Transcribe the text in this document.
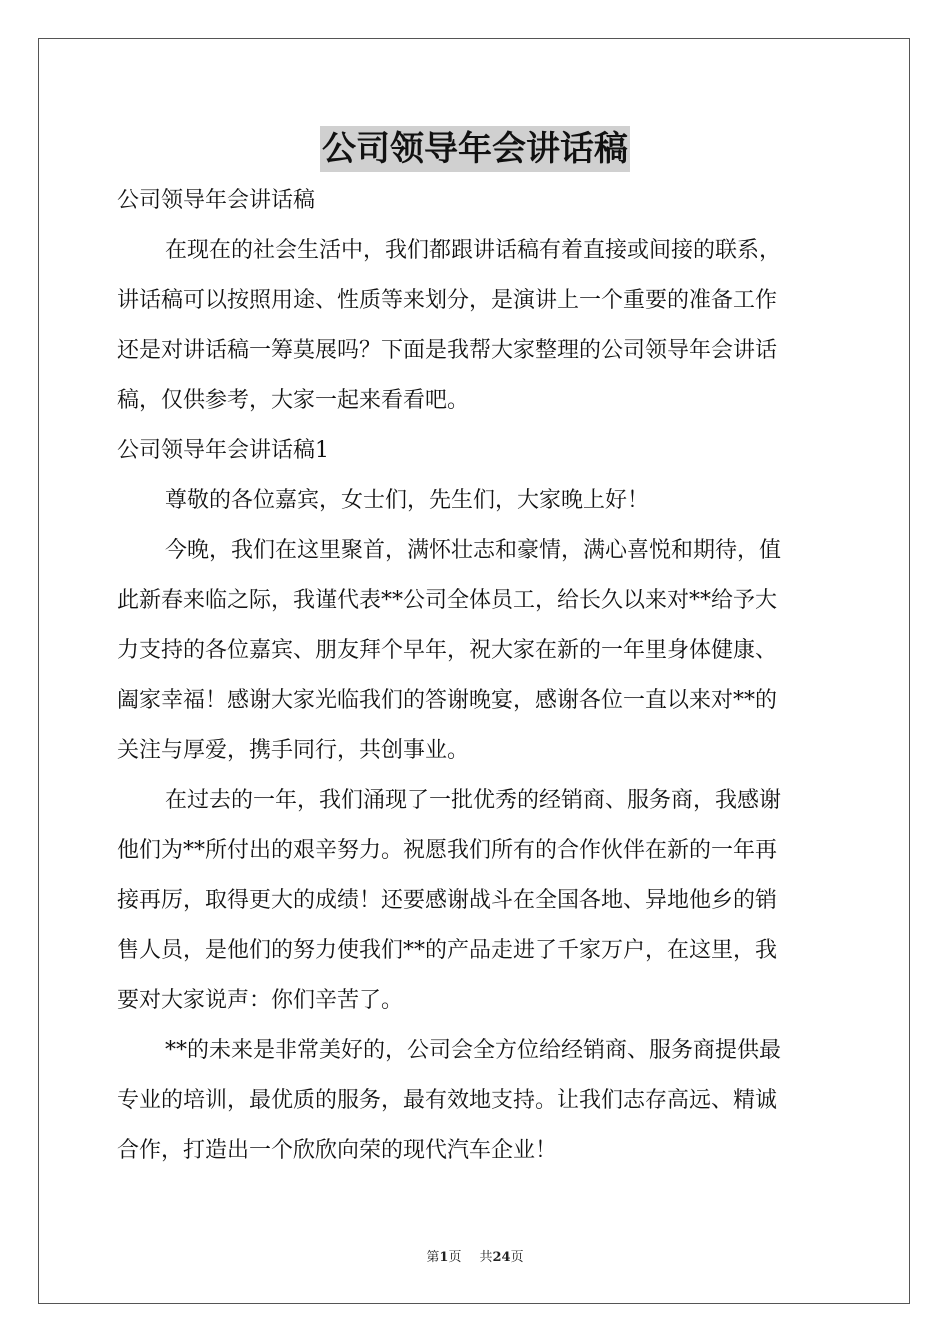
公司领导年会讲话稿
公司领导年会讲话稿
在现在的社会生活中，我们都跟讲话稿有着直接或间接的联系，
讲话稿可以按照用途、性质等来划分，是演讲上一个重要的准备工作
还是对讲话稿一筹莫展吗？下面是我帮大家整理的公司领导年会讲话
稿，仅供参考，大家一起来看看吧。
公司领导年会讲话稿1
尊敬的各位嘉宾，女士们，先生们，大家晚上好！
今晚，我们在这里聚首，满怀壮志和豪情，满心喜悦和期待，值
此新春来临之际，我谨代表**公司全体员工，给长久以来对**给予大
力支持的各位嘉宾、朋友拜个早年，祝大家在新的一年里身体健康、
阖家幸福！感谢大家光临我们的答谢晚宴，感谢各位一直以来对**的
关注与厚爱，携手同行，共创事业。
在过去的一年，我们涌现了一批优秀的经销商、服务商，我感谢
他们为**所付出的艰辛努力。祝愿我们所有的合作伙伴在新的一年再
接再厉，取得更大的成绩！还要感谢战斗在全国各地、异地他乡的销
售人员，是他们的努力使我们**的产品走进了千家万户，在这里，我
要对大家说声：你们辛苦了。
**的未来是非常美好的，公司会全方位给经销商、服务商提供最
专业的培训，最优质的服务，最有效地支持。让我们志存高远、精诚
合作，打造出一个欣欣向荣的现代汽车企业！
第1页 共24页
